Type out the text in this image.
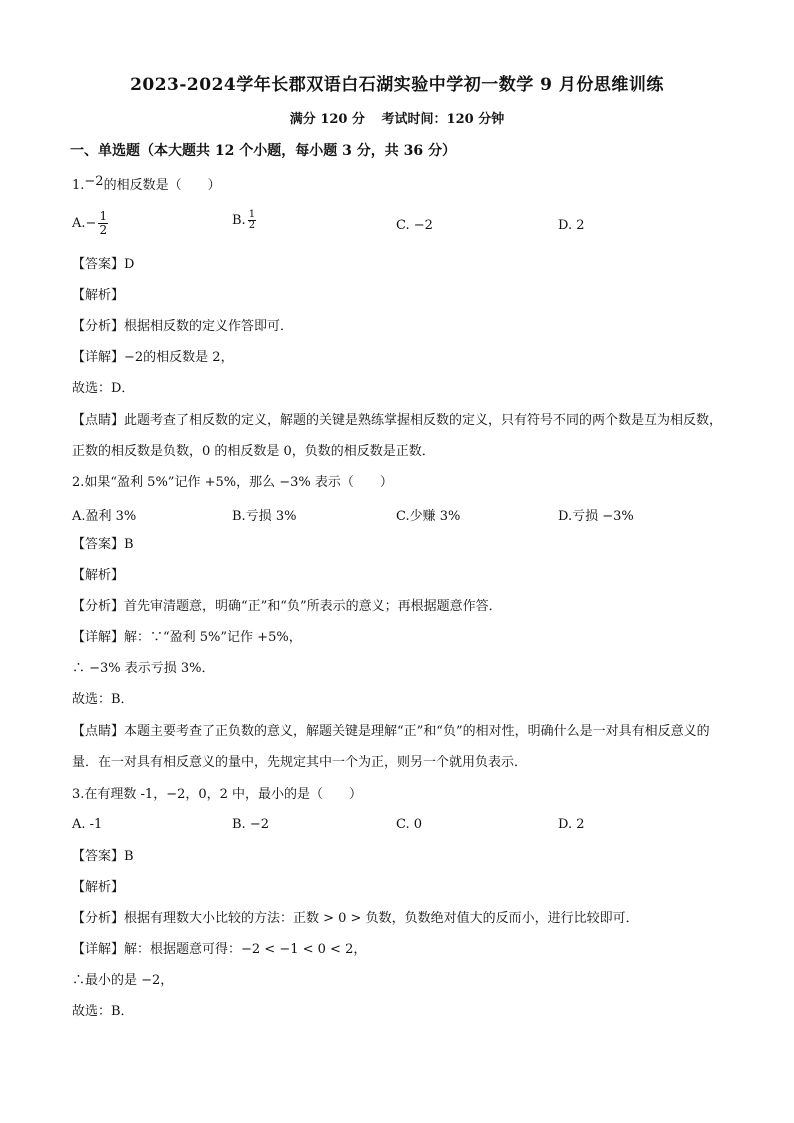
2023-2024学年长郡双语白石湖实验中学初一数学 9 月份思维训练
满分 120 分 考试时间：120 分钟
一、单选题（本大题共 12 个小题，每小题 3 分，共 36 分）
1.−2的相反数是（　　）
$A.- \frac{1}{2}$	B. $\frac{1}{2}$	C. −2	D. 2
【答案】D
【解析】
【分析】根据相反数的定义作答即可．
【详解】−2的相反数是 2，
故选：D．
【点睛】此题考查了相反数的定义，解题的关键是熟练掌握相反数的定义，只有符号不同的两个数是互为相反数，正数的相反数是负数，0 的相反数是 0，负数的相反数是正数．
2.如果“盈利 5%”记作 +5%，那么 −3% 表示（　　）
A.盈利 3%	B.亏损 3%	C.少赚 3%	D.亏损 −3%
【答案】B
【解析】
【分析】首先审清题意，明确“正”和“负”所表示的意义；再根据题意作答．
【详解】解：∵“盈利 5%”记作 +5%，
∴ −3% 表示亏损 3%．
故选：B．
【点睛】本题主要考查了正负数的意义，解题关键是理解“正”和“负”的相对性，明确什么是一对具有相反意义的量．在一对具有相反意义的量中，先规定其中一个为正，则另一个就用负表示．
3.在有理数 -1，−2，0，2 中，最小的是（　　）
A. -1	B. −2	C. 0	D. 2
【答案】B
【解析】
【分析】根据有理数大小比较的方法：正数 > 0 > 负数，负数绝对值大的反而小，进行比较即可．
【详解】解：根据题意可得：−2 < −1 < 0 < 2，
∴最小的是 −2，
故选：B．
